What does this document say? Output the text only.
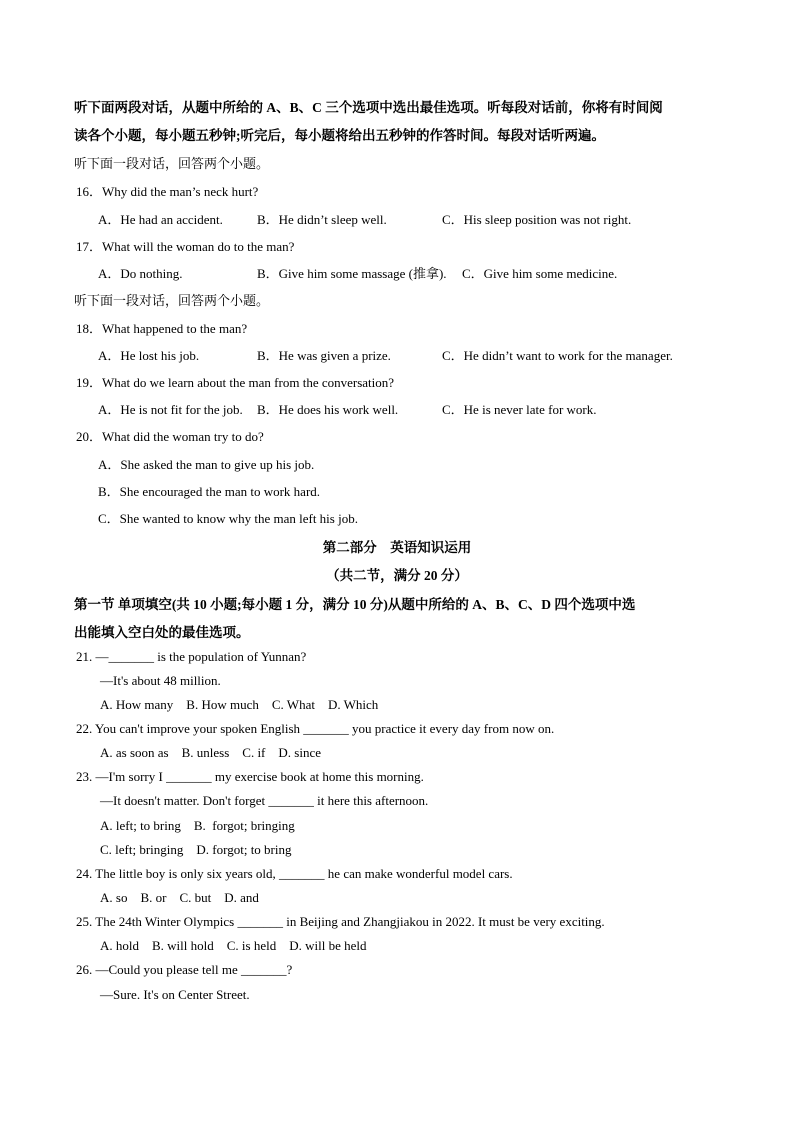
听下面两段对话，从题中所给的 A、B、C 三个选项中选出最佳选项。听每段对话前，你将有时间阅
读各个小题，每小题五秒钟;听完后，每小题将给出五秒钟的作答时间。每段对话听两遍。
听下面一段对话，回答两个小题。
16．Why did the man’s neck hurt?
A．He had an accident.	B．He didn’t sleep well.	C．His sleep position was not right.
17．What will the woman do to the man?
A．Do nothing.	B．Give him some massage (推拿). C．Give him some medicine.
听下面一段对话，回答两个小题。
18．What happened to the man?
A．He lost his job.	B．He was given a prize.	C．He didn’t want to work for the manager.
19．What do we learn about the man from the conversation?
A．He is not fit for the job. B．He does his work well.	C．He is never late for work.
20．What did the woman try to do?
A．She asked the man to give up his job.
B．She encouraged the man to work hard.
C．She wanted to know why the man left his job.
第二部分　英语知识运用
（共二节，满分 20 分）
第一节 单项填空(共 10 小题;每小题 1 分，满分 10 分)从题中所给的 A、B、C、D 四个选项中选
出能填入空白处的最佳选项。
21. —_______ is the population of Yunnan?
—It's about 48 million.
A. How many    B. How much    C. What    D. Which
22. You can't improve your spoken English _______ you practice it every day from now on.
A. as soon as    B. unless    C. if    D. since
23. —I'm sorry I _______ my exercise book at home this morning.
—It doesn't matter. Don't forget _______ it here this afternoon.
A. left; to bring    B.  forgot; bringing
C. left; bringing    D. forgot; to bring
24. The little boy is only six years old, _______ he can make wonderful model cars.
A. so    B. or    C. but    D. and
25. The 24th Winter Olympics _______ in Beijing and Zhangjiakou in 2022. It must be very exciting.
A. hold    B. will hold    C. is held    D. will be held
26. —Could you please tell me _______?
—Sure. It's on Center Street.
